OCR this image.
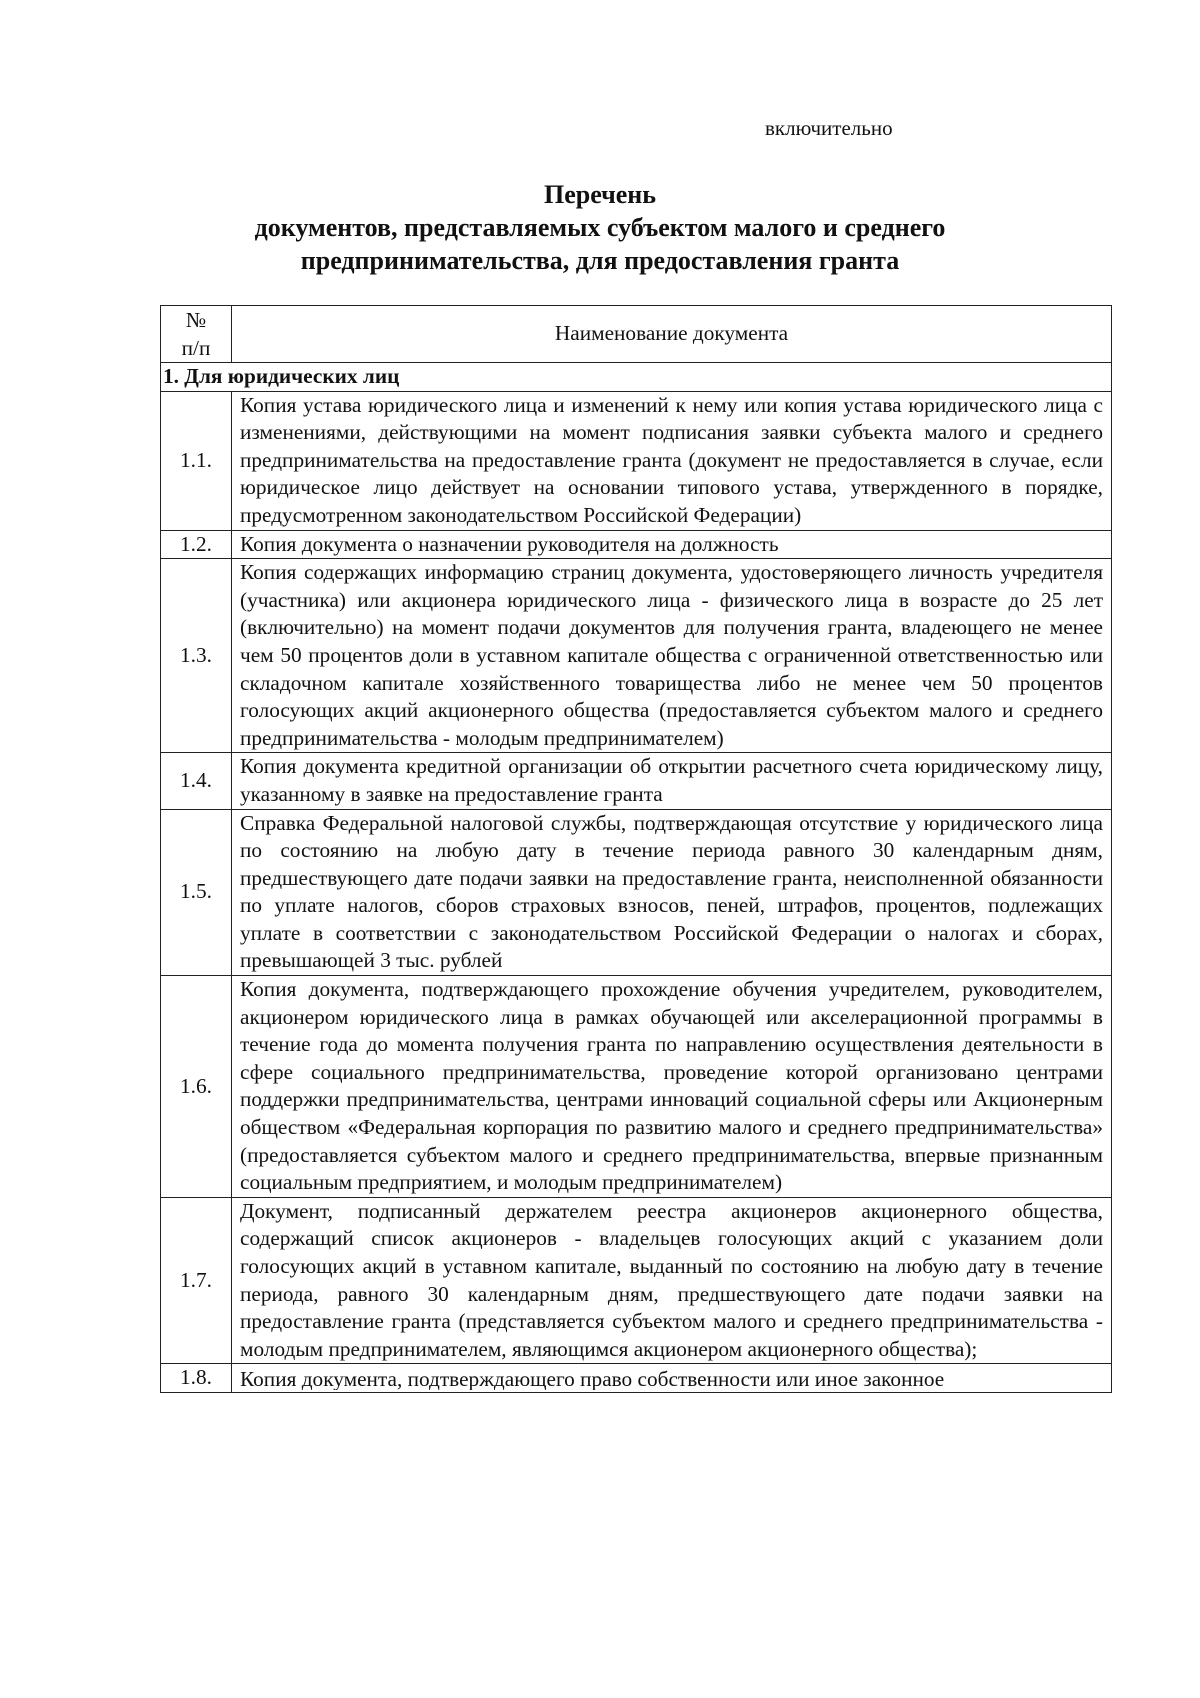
включительно
Перечень
документов, представляемых субъектом малого и среднего
предпринимательства, для предоставления гранта
№
п/п	Наименование документа
1. Для юридических лиц	
1.1.	Копия устава юридического лица и изменений к нему или копия устава юридического лица с изменениями, действующими на момент подписания заявки субъекта малого и среднего предпринимательства на предоставление гранта (документ не предоставляется в случае, если юридическое лицо действует на основании типового устава, утвержденного в порядке, предусмотренном законодательством Российской Федерации)
1.2.	Копия документа о назначении руководителя на должность
1.3.	Копия содержащих информацию страниц документа, удостоверяющего личность учредителя (участника) или акционера юридического лица - физического лица в возрасте до 25 лет (включительно) на момент подачи документов для получения гранта, владеющего не менее чем 50 процентов доли в уставном капитале общества с ограниченной ответственностью или складочном капитале хозяйственного товарищества либо не менее чем 50 процентов голосующих акций акционерного общества (предоставляется субъектом малого и среднего предпринимательства - молодым предпринимателем)
1.4.	Копия документа кредитной организации об открытии расчетного счета юридическому лицу, указанному в заявке на предоставление гранта
1.5.	Справка Федеральной налоговой службы, подтверждающая отсутствие у юридического лица по состоянию на любую дату в течение периода равного 30 календарным дням, предшествующего дате подачи заявки на предоставление гранта, неисполненной обязанности по уплате налогов, сборов страховых взносов, пеней, штрафов, процентов, подлежащих уплате в соответствии с законодательством Российской Федерации о налогах и сборах, превышающей 3 тыс. рублей
1.6.	Копия документа, подтверждающего прохождение обучения учредителем, руководителем, акционером юридического лица в рамках обучающей или акселерационной программы в течение года до момента получения гранта по направлению осуществления деятельности в сфере социального предпринимательства, проведение которой организовано центрами поддержки предпринимательства, центрами инноваций социальной сферы или Акционерным обществом «Федеральная корпорация по развитию малого и среднего предпринимательства» (предоставляется субъектом малого и среднего предпринимательства, впервые признанным социальным предприятием, и молодым предпринимателем)
1.7.	Документ, подписанный держателем реестра акционеров акционерного общества, содержащий список акционеров - владельцев голосующих акций с указанием доли голосующих акций в уставном капитале, выданный по состоянию на любую дату в течение периода, равного 30 календарным дням, предшествующего дате подачи заявки на предоставление гранта (представляется субъектом малого и среднего предпринимательства - молодым предпринимателем, являющимся акционером акционерного общества);
1.8.	Копия документа, подтверждающего право собственности или иное законное
